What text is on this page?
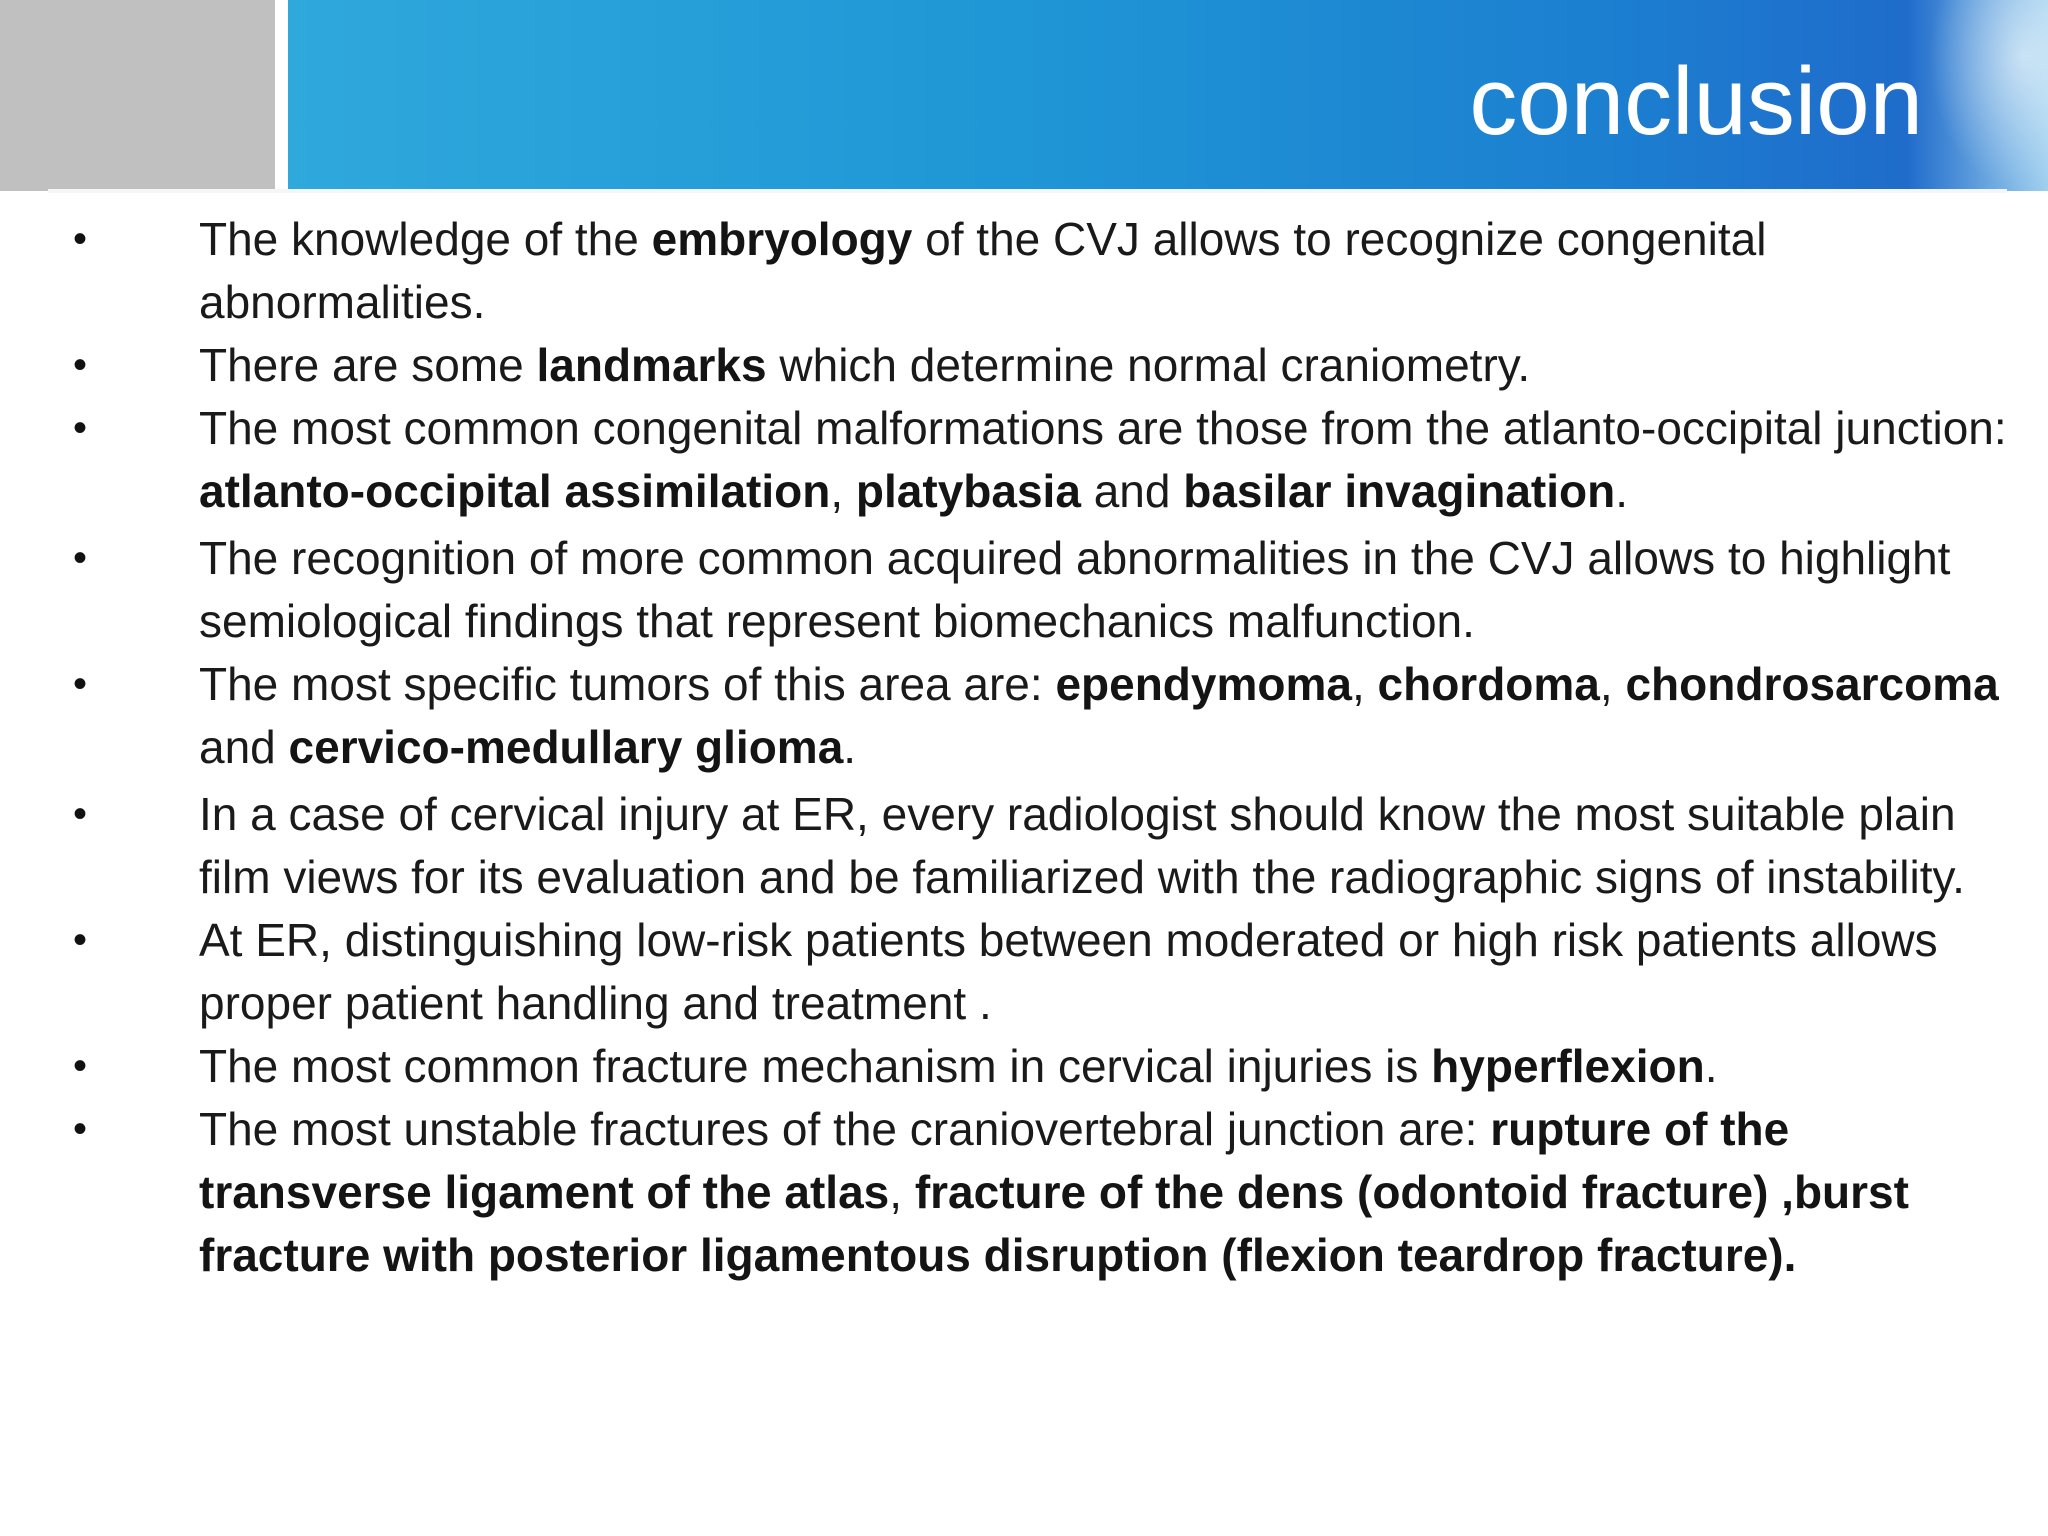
conclusion
• The knowledge of the embryology of the CVJ allows to recognize congenital abnormalities.
• There are some landmarks which determine normal craniometry.
• The most common congenital malformations are those from the atlanto-occipital junction: atlanto-occipital assimilation, platybasia and basilar invagination.
• The recognition of more common acquired abnormalities in the CVJ allows to highlight semiological findings that represent biomechanics malfunction.
• The most specific tumors of this area are: ependymoma, chordoma, chondrosarcoma and cervico-medullary glioma.
• In a case of cervical injury at ER, every radiologist should know the most suitable plain film views for its evaluation and be familiarized with the radiographic signs of instability.
• At ER, distinguishing low-risk patients between moderated or high risk patients allows proper patient handling and treatment .
• The most common fracture mechanism in cervical injuries is hyperflexion.
• The most unstable fractures of the craniovertebral junction are: rupture of the transverse ligament of the atlas, fracture of the dens (odontoid fracture) ,burst fracture with posterior ligamentous disruption (flexion teardrop fracture).
